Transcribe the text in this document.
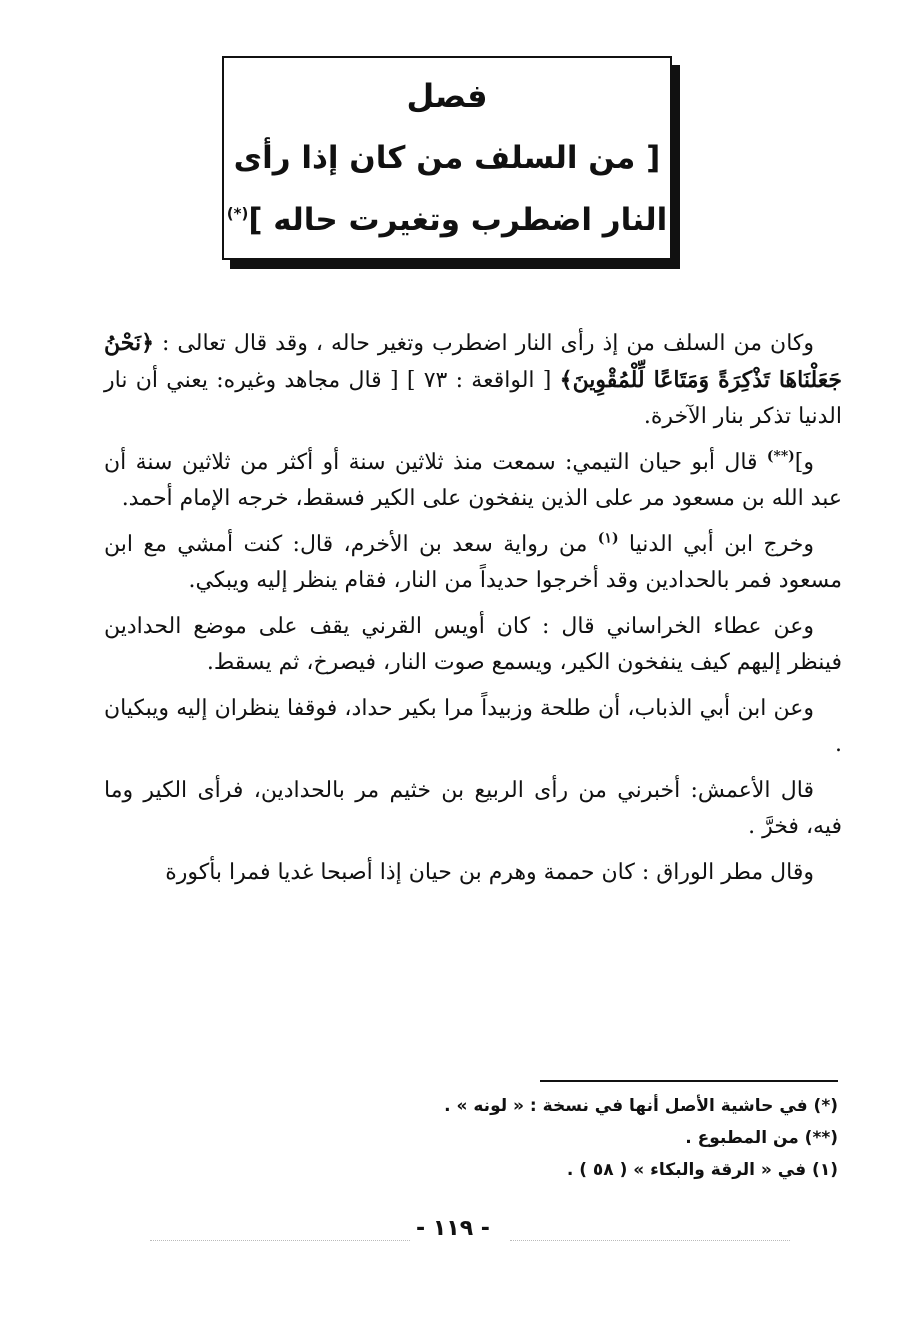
فصل
[ من السلف من كان إذا رأى
النار اضطرب وتغيرت حاله ](*)

وكان من السلف من إذ رأى النار اضطرب وتغير حاله ، وقد قال تعالى : ﴿نَحْنُ جَعَلْنَاهَا تَذْكِرَةً وَمَتَاعًا لِّلْمُقْوِينَ﴾ [ الواقعة : ٧٣ ] [ قال مجاهد وغيره: يعني أن نار الدنيا تذكر بنار الآخرة.

و](**) قال أبو حيان التيمي: سمعت منذ ثلاثين سنة أو أكثر من ثلاثين سنة أن عبد الله بن مسعود مر على الذين ينفخون على الكير فسقط، خرجه الإمام أحمد.

وخرج ابن أبي الدنيا $^{(١)}$ من رواية سعد بن الأخرم، قال: كنت أمشي مع ابن مسعود فمر بالحدادين وقد أخرجوا حديداً من النار، فقام ينظر إليه ويبكي.

وعن عطاء الخراساني قال : كان أويس القرني يقف على موضع الحدادين فينظر إليهم كيف ينفخون الكير، ويسمع صوت النار، فيصرخ، ثم يسقط.

وعن ابن أبي الذباب، أن طلحة وزبيداً مرا بكير حداد، فوقفا ينظران إليه ويبكيان .

قال الأعمش: أخبرني من رأى الربيع بن خثيم مر بالحدادين، فرأى الكير وما فيه، فخرَّ .

وقال مطر الوراق : كان حممة وهرم بن حيان إذا أصبحا غديا فمرا بأكورة

(*) في حاشية الأصل أنها في نسخة : « لونه » .

(**) من المطبوع .

(١) في « الرقة والبكاء » ( ٥٨ ) .

- ١١٩ -
